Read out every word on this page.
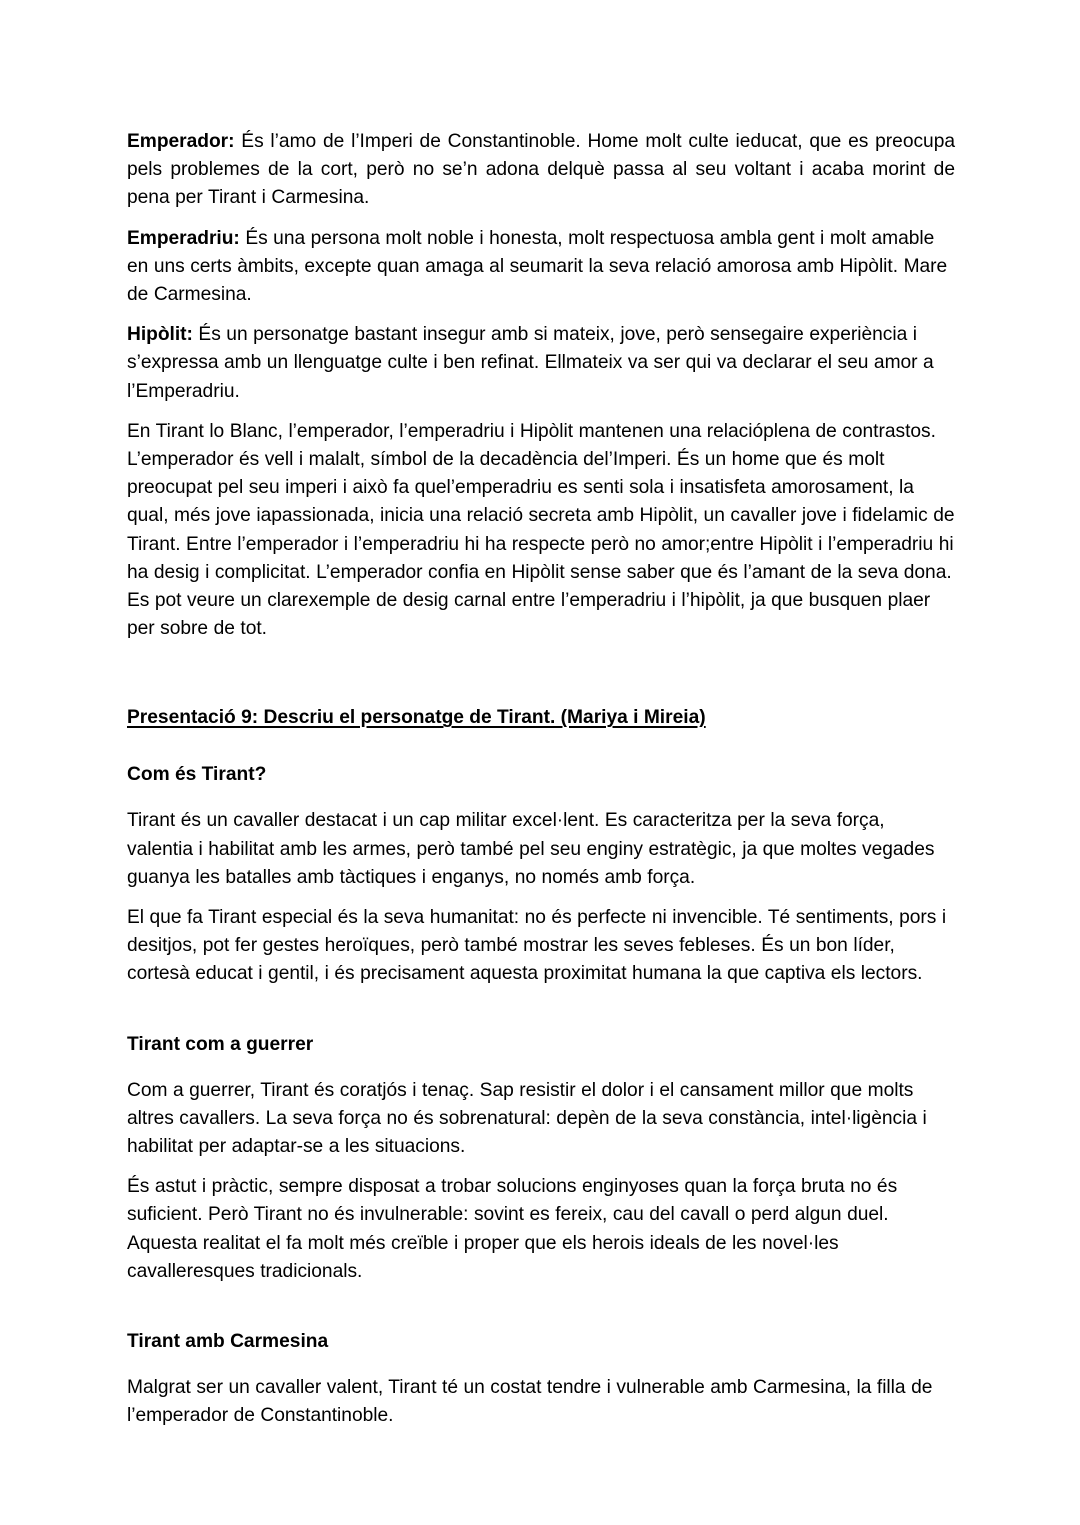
Emperador: És l’amo de l’Imperi de Constantinoble. Home molt culte ieducat, que es preocupa pels problemes de la cort, però no se’n adona delquè passa al seu voltant i acaba morint de pena per Tirant i Carmesina.

Emperadriu: És una persona molt noble i honesta, molt respectuosa ambla gent i molt amable en uns certs àmbits, excepte quan amaga al seumarit la seva relació amorosa amb Hipòlit. Mare de Carmesina.

Hipòlit: És un personatge bastant insegur amb si mateix, jove, però sensegaire experiència i s’expressa amb un llenguatge culte i ben refinat. Ellmateix va ser qui va declarar el seu amor a l’Emperadriu.

En Tirant lo Blanc, l’emperador, l’emperadriu i Hipòlit mantenen una relacióplena de contrastos. L’emperador és vell i malalt, símbol de la decadència del’Imperi. És un home que és molt preocupat pel seu imperi i això fa quel’emperadriu es senti sola i insatisfeta amorosament, la qual, més jove iapassionada, inicia una relació secreta amb Hipòlit, un cavaller jove i fidelamic de Tirant. Entre l’emperador i l’emperadriu hi ha respecte però no amor;entre Hipòlit i l’emperadriu hi ha desig i complicitat. L’emperador confia en Hipòlit sense saber que és l’amant de la seva dona. Es pot veure un clarexemple de desig carnal entre l’emperadriu i l’hipòlit, ja que busquen plaer per sobre de tot.

Presentació 9: Descriu el personatge de Tirant. (Mariya i Mireia)
Com és Tirant?

Tirant és un cavaller destacat i un cap militar excel·lent. Es caracteritza per la seva força, valentia i habilitat amb les armes, però també pel seu enginy estratègic, ja que moltes vegades guanya les batalles amb tàctiques i enganys, no només amb força.

El que fa Tirant especial és la seva humanitat: no és perfecte ni invencible. Té sentiments, pors i desitjos, pot fer gestes heroïques, però també mostrar les seves febleses. És un bon líder, cortesà educat i gentil, i és precisament aquesta proximitat humana la que captiva els lectors.

Tirant com a guerrer

Com a guerrer, Tirant és coratjós i tenaç. Sap resistir el dolor i el cansament millor que molts altres cavallers. La seva força no és sobrenatural: depèn de la seva constància, intel·ligència i habilitat per adaptar-se a les situacions.

És astut i pràctic, sempre disposat a trobar solucions enginyoses quan la força bruta no és suficient. Però Tirant no és invulnerable: sovint es fereix, cau del cavall o perd algun duel. Aquesta realitat el fa molt més creïble i proper que els herois ideals de les novel·les cavalleresques tradicionals.

Tirant amb Carmesina

Malgrat ser un cavaller valent, Tirant té un costat tendre i vulnerable amb Carmesina, la filla de l’emperador de Constantinoble.
